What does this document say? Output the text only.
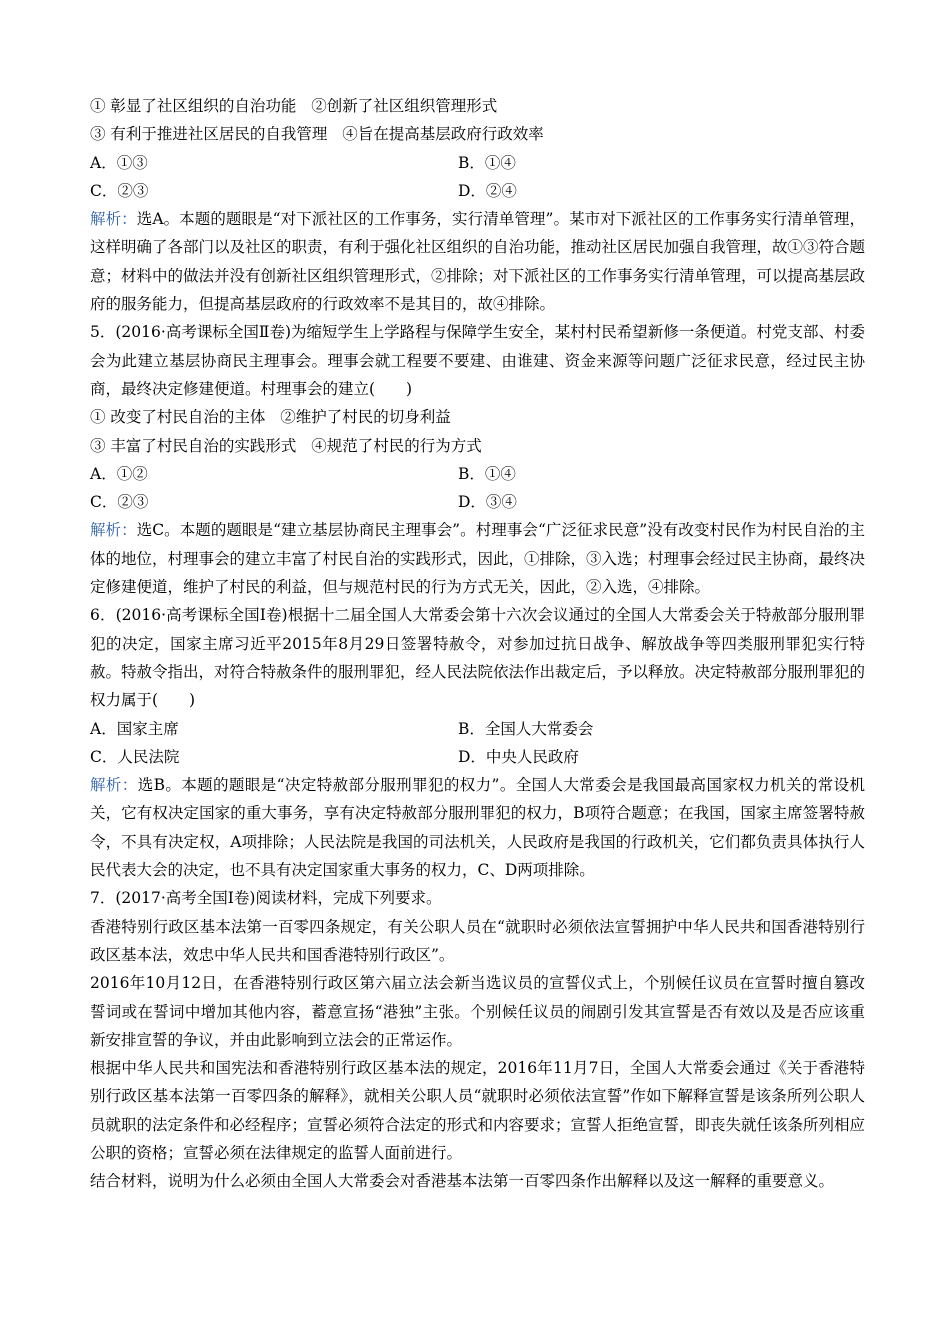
① 彰显了社区组织的自治功能 ②创新了社区组织管理形式
③ 有利于推进社区居民的自我管理 ④旨在提高基层政府行政效率
A．①③	B．①④
C．②③	D．②④

解析：选A。本题的题眼是“对下派社区的工作事务，实行清单管理”。某市对下派社区的工作事务实行清单管理，这样明确了各部门以及社区的职责，有利于强化社区组织的自治功能，推动社区居民加强自我管理，故①③符合题意；材料中的做法并没有创新社区组织管理形式，②排除；对下派社区的工作事务实行清单管理，可以提高基层政府的服务能力，但提高基层政府的行政效率不是其目的，故④排除。

5．(2016·高考课标全国Ⅱ卷)为缩短学生上学路程与保障学生安全，某村村民希望新修一条便道。村党支部、村委会为此建立基层协商民主理事会。理事会就工程要不要建、由谁建、资金来源等问题广泛征求民意，经过民主协商，最终决定修建便道。村理事会的建立(　　)

① 改变了村民自治的主体 ②维护了村民的切身利益
③ 丰富了村民自治的实践形式 ④规范了村民的行为方式
A．①②	B．①④
C．②③	D．③④

解析：选C。本题的题眼是“建立基层协商民主理事会”。村理事会“广泛征求民意”没有改变村民作为村民自治的主体的地位，村理事会的建立丰富了村民自治的实践形式，因此，①排除，③入选；村理事会经过民主协商，最终决定修建便道，维护了村民的利益，但与规范村民的行为方式无关，因此，②入选，④排除。

6．(2016·高考课标全国Ⅰ卷)根据十二届全国人大常委会第十六次会议通过的全国人大常委会关于特赦部分服刑罪犯的决定，国家主席习近平2015年8月29日签署特赦令，对参加过抗日战争、解放战争等四类服刑罪犯实行特赦。特赦令指出，对符合特赦条件的服刑罪犯，经人民法院依法作出裁定后，予以释放。决定特赦部分服刑罪犯的权力属于(　　)

A．国家主席	B．全国人大常委会
C．人民法院	D．中央人民政府

解析：选B。本题的题眼是“决定特赦部分服刑罪犯的权力”。全国人大常委会是我国最高国家权力机关的常设机关，它有权决定国家的重大事务，享有决定特赦部分服刑罪犯的权力，B项符合题意；在我国，国家主席签署特赦令，不具有决定权，A项排除；人民法院是我国的司法机关，人民政府是我国的行政机关，它们都负责具体执行人民代表大会的决定，也不具有决定国家重大事务的权力，C、D两项排除。

7．(2017·高考全国Ⅰ卷)阅读材料，完成下列要求。

香港特别行政区基本法第一百零四条规定，有关公职人员在“就职时必须依法宣誓拥护中华人民共和国香港特别行政区基本法，效忠中华人民共和国香港特别行政区”。

2016年10月12日，在香港特别行政区第六届立法会新当选议员的宣誓仪式上，个别候任议员在宣誓时擅自篡改誓词或在誓词中增加其他内容，蓄意宣扬“港独”主张。个别候任议员的闹剧引发其宣誓是否有效以及是否应该重新安排宣誓的争议，并由此影响到立法会的正常运作。

根据中华人民共和国宪法和香港特别行政区基本法的规定，2016年11月7日，全国人大常委会通过《关于香港特别行政区基本法第一百零四条的解释》，就相关公职人员“就职时必须依法宣誓”作如下解释宣誓是该条所列公职人员就职的法定条件和必经程序；宣誓必须符合法定的形式和内容要求；宣誓人拒绝宣誓，即丧失就任该条所列相应公职的资格；宣誓必须在法律规定的监誓人面前进行。

结合材料，说明为什么必须由全国人大常委会对香港基本法第一百零四条作出解释以及这一解释的重要意义。
